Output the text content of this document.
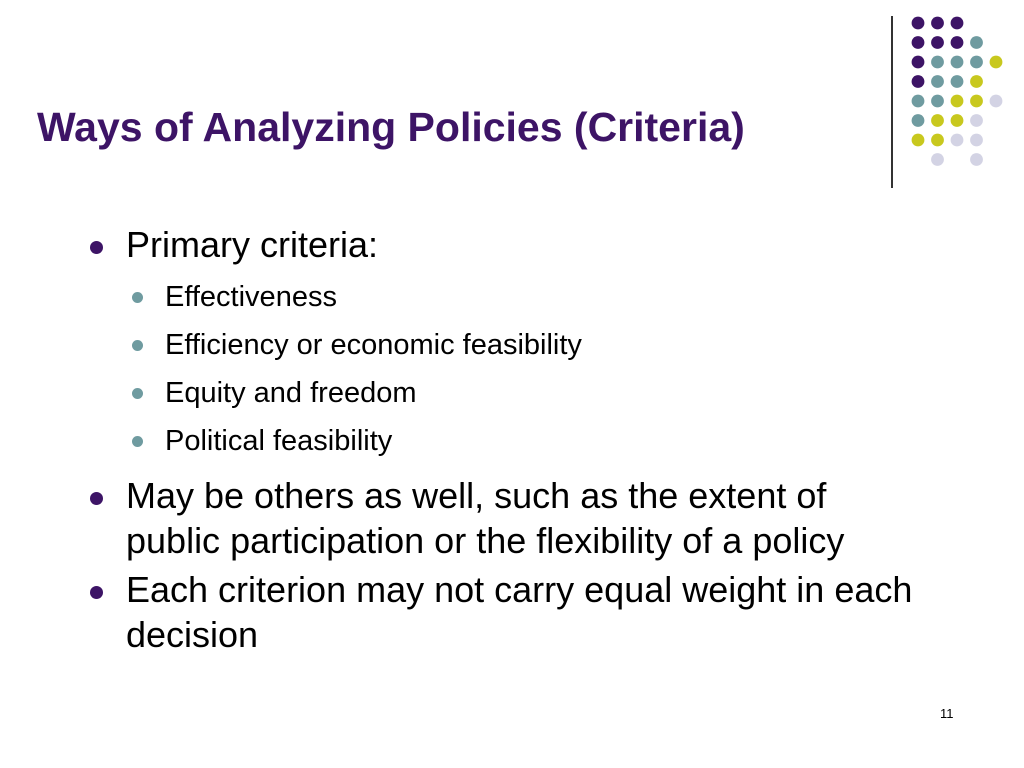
Ways of Analyzing Policies (Criteria)
Primary criteria:
Effectiveness
Efficiency or economic feasibility
Equity and freedom
Political feasibility
May be others as well, such as the extent of public participation or the flexibility of a policy
Each criterion may not carry equal weight in each decision
11
